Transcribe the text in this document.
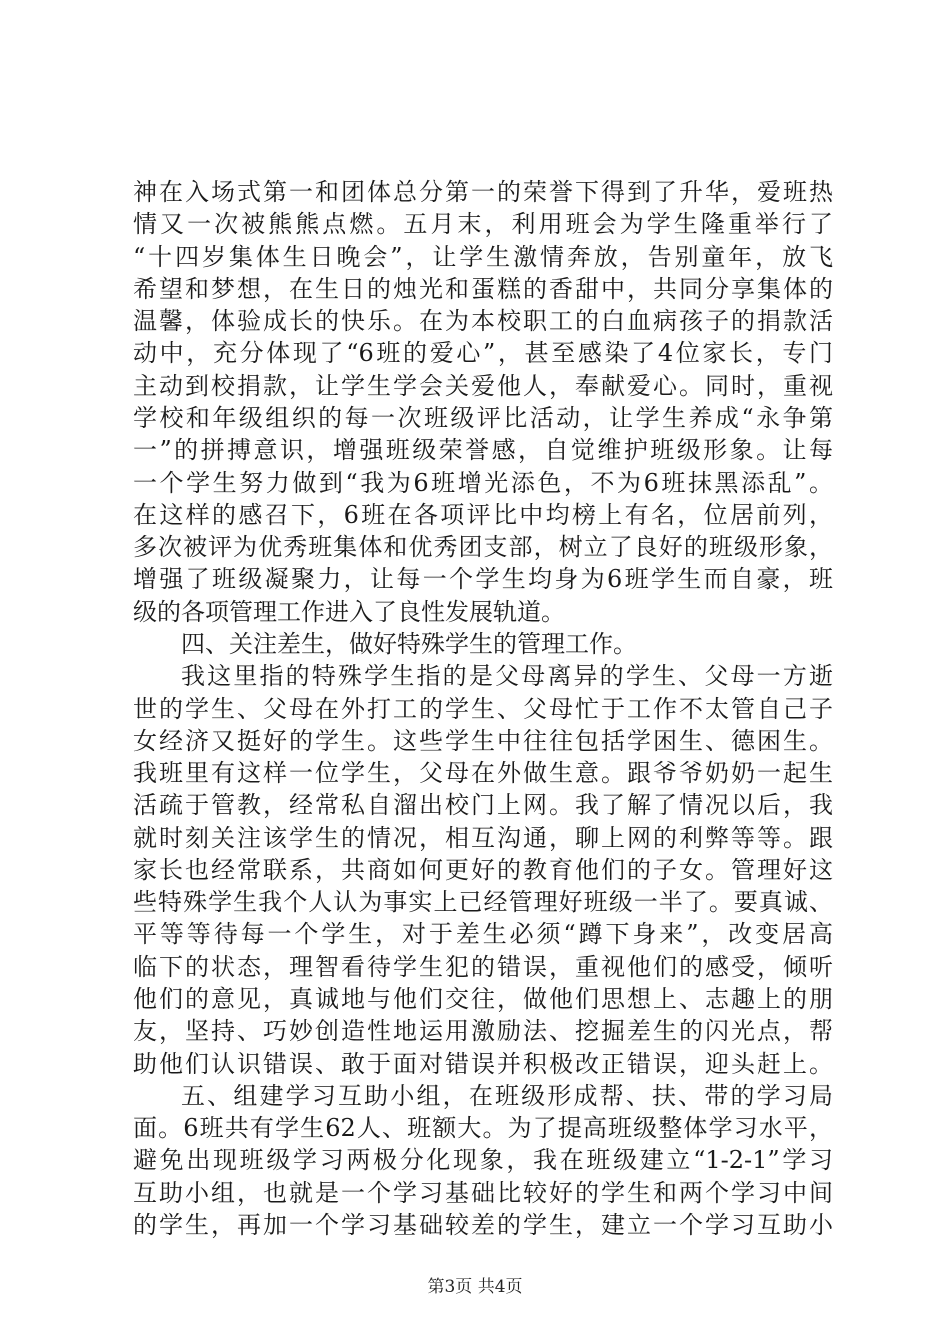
神在入场式第一和团体总分第一的荣誉下得到了升华，爱班热
情又一次被熊熊点燃。五月末，利用班会为学生隆重举行了
“十四岁集体生日晚会”，让学生激情奔放，告别童年，放飞
希望和梦想，在生日的烛光和蛋糕的香甜中，共同分享集体的
温馨，体验成长的快乐。在为本校职工的白血病孩子的捐款活
动中，充分体现了“6班的爱心”，甚至感染了4位家长，专门
主动到校捐款，让学生学会关爱他人，奉献爱心。同时，重视
学校和年级组织的每一次班级评比活动，让学生养成“永争第
一”的拼搏意识，增强班级荣誉感，自觉维护班级形象。让每
一个学生努力做到“我为6班增光添色，不为6班抹黑添乱”。
在这样的感召下，6班在各项评比中均榜上有名，位居前列，
多次被评为优秀班集体和优秀团支部，树立了良好的班级形象，
增强了班级凝聚力，让每一个学生均身为6班学生而自豪，班
级的各项管理工作进入了良性发展轨道。
四、关注差生，做好特殊学生的管理工作。
我这里指的特殊学生指的是父母离异的学生、父母一方逝
世的学生、父母在外打工的学生、父母忙于工作不太管自己子
女经济又挺好的学生。这些学生中往往包括学困生、德困生。
我班里有这样一位学生，父母在外做生意。跟爷爷奶奶一起生
活疏于管教，经常私自溜出校门上网。我了解了情况以后，我
就时刻关注该学生的情况，相互沟通，聊上网的利弊等等。跟
家长也经常联系，共商如何更好的教育他们的子女。管理好这
些特殊学生我个人认为事实上已经管理好班级一半了。要真诚、
平等等待每一个学生，对于差生必须“蹲下身来”，改变居高
临下的状态，理智看待学生犯的错误，重视他们的感受，倾听
他们的意见，真诚地与他们交往，做他们思想上、志趣上的朋
友，坚持、巧妙创造性地运用激励法、挖掘差生的闪光点，帮
助他们认识错误、敢于面对错误并积极改正错误，迎头赶上。
五、组建学习互助小组，在班级形成帮、扶、带的学习局
面。6班共有学生62人、班额大。为了提高班级整体学习水平，
避免出现班级学习两极分化现象，我在班级建立“1-2-1”学习
互助小组，也就是一个学习基础比较好的学生和两个学习中间
的学生，再加一个学习基础较差的学生，建立一个学习互助小
第3页 共4页
